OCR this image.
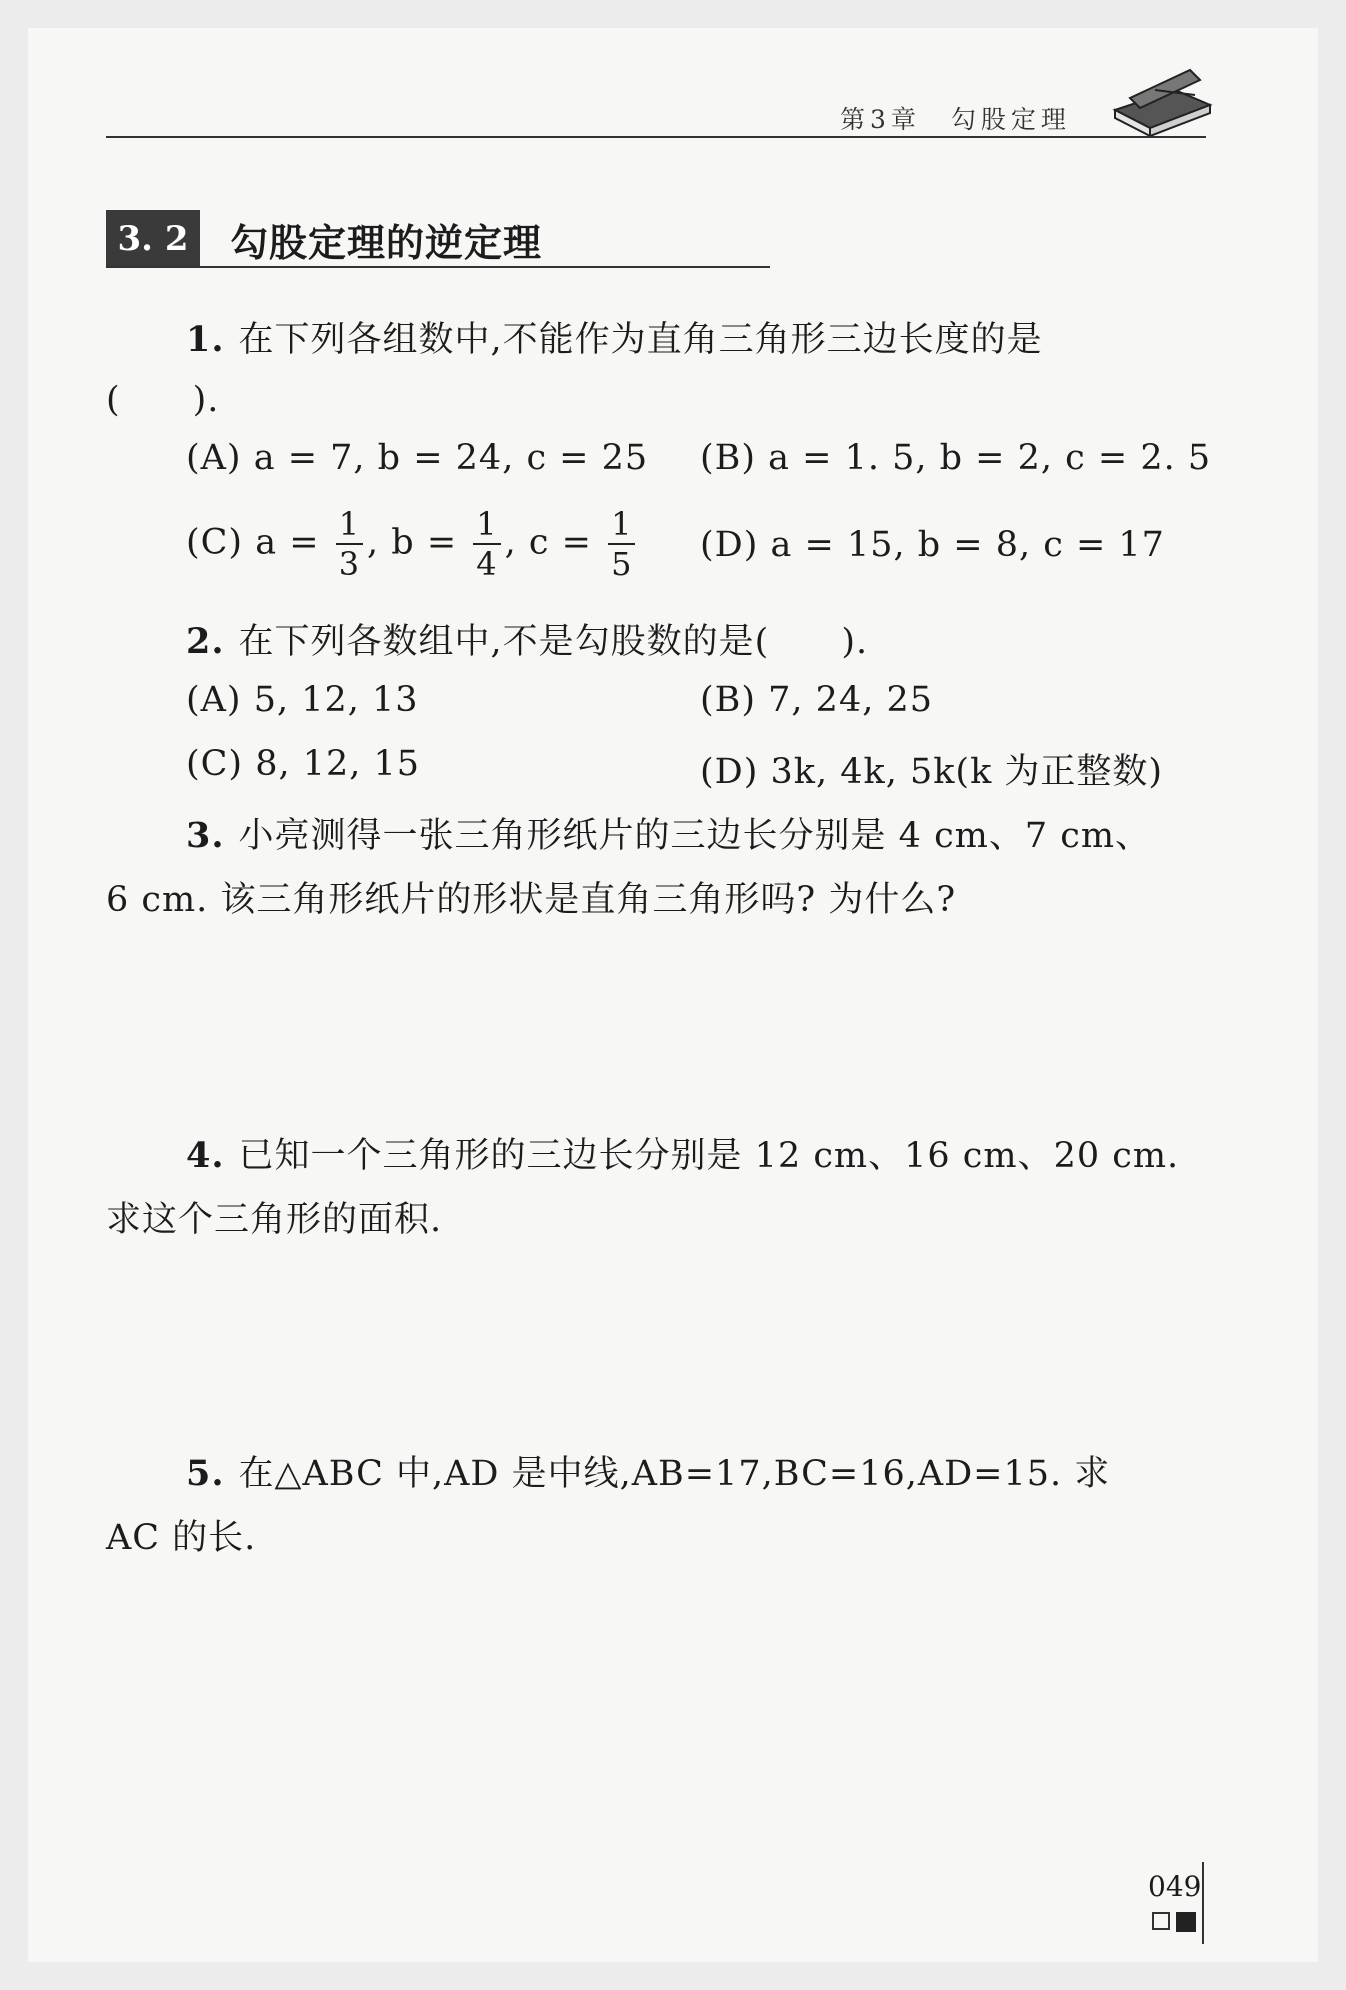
第3章　勾股定理
3. 2	勾股定理的逆定理
1. 在下列各组数中,不能作为直角三角形三边长度的是
(　　).
(A) a = 7, b = 24, c = 25 (B) a = 1. 5, b = 2, c = 2. 5
(C) $a = \frac{1}{3}$ , $b = \frac{1}{4}$ , $c = \frac{1}{5} (D) a = 15$, b = 8, c = 17
2. 在下列各数组中,不是勾股数的是(　　).
(A) 5, 12, 13	(B) 7, 24, 25
(C) 8, 12, 15	(D) 3k, 4k, 5k(k 为正整数)
3. 小亮测得一张三角形纸片的三边长分别是 4 cm、7 cm、
6 cm. 该三角形纸片的形状是直角三角形吗? 为什么?
4. 已知一个三角形的三边长分别是 12 cm、16 cm、20 cm.
求这个三角形的面积.
5. 在△ABC 中,AD 是中线,AB=17,BC=16,AD=15. 求
AC 的长.
049
